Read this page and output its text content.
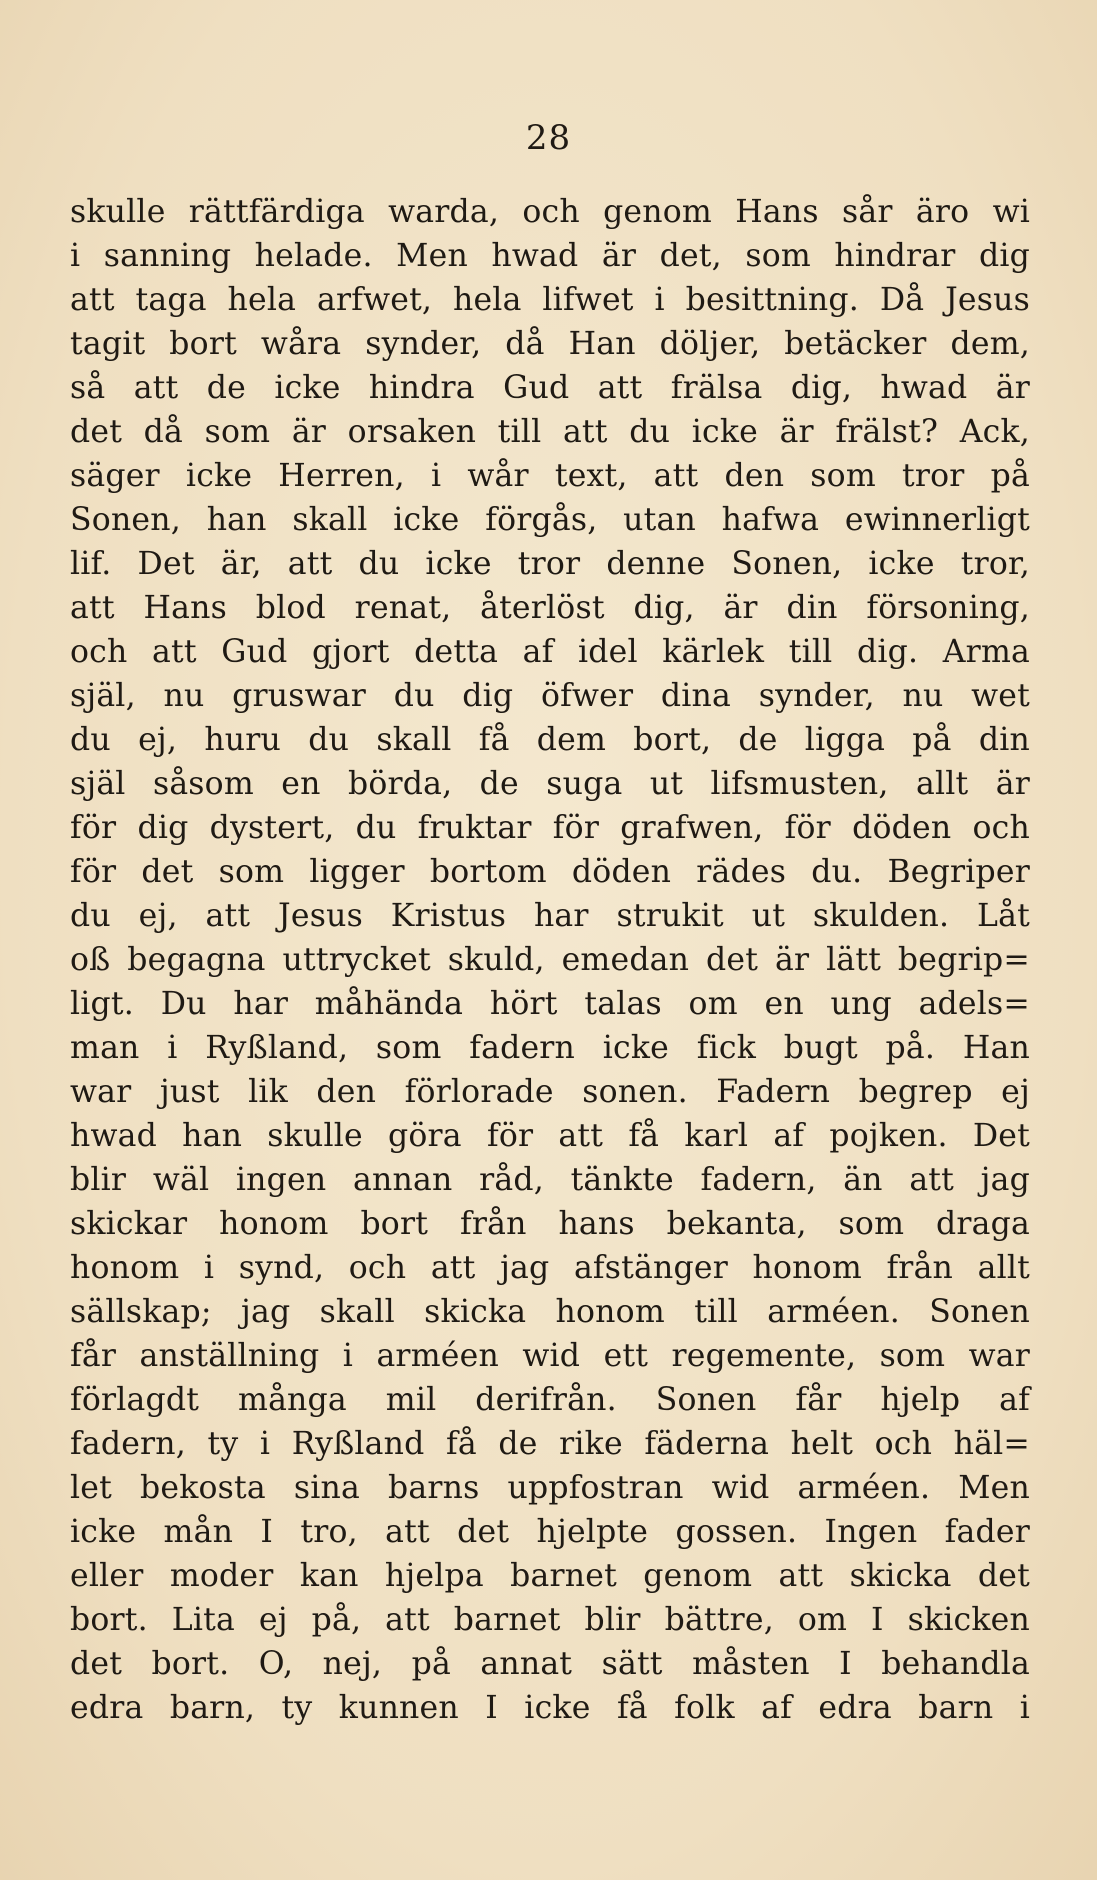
28
skulle rättfärdiga warda, och genom Hans sår äro wi
i sanning helade. Men hwad är det, som hindrar dig
att taga hela arfwet, hela lifwet i besittning. Då Jesus
tagit bort wåra synder, då Han döljer, betäcker dem,
så att de icke hindra Gud att frälsa dig, hwad är
det då som är orsaken till att du icke är frälst? Ack,
säger icke Herren, i wår text, att den som tror på
Sonen, han skall icke förgås, utan hafwa ewinnerligt
lif. Det är, att du icke tror denne Sonen, icke tror,
att Hans blod renat, återlöst dig, är din försoning,
och att Gud gjort detta af idel kärlek till dig. Arma
själ, nu gruswar du dig öfwer dina synder, nu wet
du ej, huru du skall få dem bort, de ligga på din
själ såsom en börda, de suga ut lifsmusten, allt är
för dig dystert, du fruktar för grafwen, för döden och
för det som ligger bortom döden rädes du. Begriper
du ej, att Jesus Kristus har strukit ut skulden. Låt
oß begagna uttrycket skuld, emedan det är lätt begrip=
ligt. Du har måhända hört talas om en ung adels=
man i Ryßland, som fadern icke fick bugt på. Han
war just lik den förlorade sonen. Fadern begrep ej
hwad han skulle göra för att få karl af pojken. Det
blir wäl ingen annan råd, tänkte fadern, än att jag
skickar honom bort från hans bekanta, som draga
honom i synd, och att jag afstänger honom från allt
sällskap; jag skall skicka honom till arméen. Sonen
får anställning i arméen wid ett regemente, som war
förlagdt många mil derifrån. Sonen får hjelp af
fadern, ty i Ryßland få de rike fäderna helt och häl=
let bekosta sina barns uppfostran wid arméen. Men
icke mån I tro, att det hjelpte gossen. Ingen fader
eller moder kan hjelpa barnet genom att skicka det
bort. Lita ej på, att barnet blir bättre, om I skicken
det bort. O, nej, på annat sätt måsten I behandla
edra barn, ty kunnen I icke få folk af edra barn i
